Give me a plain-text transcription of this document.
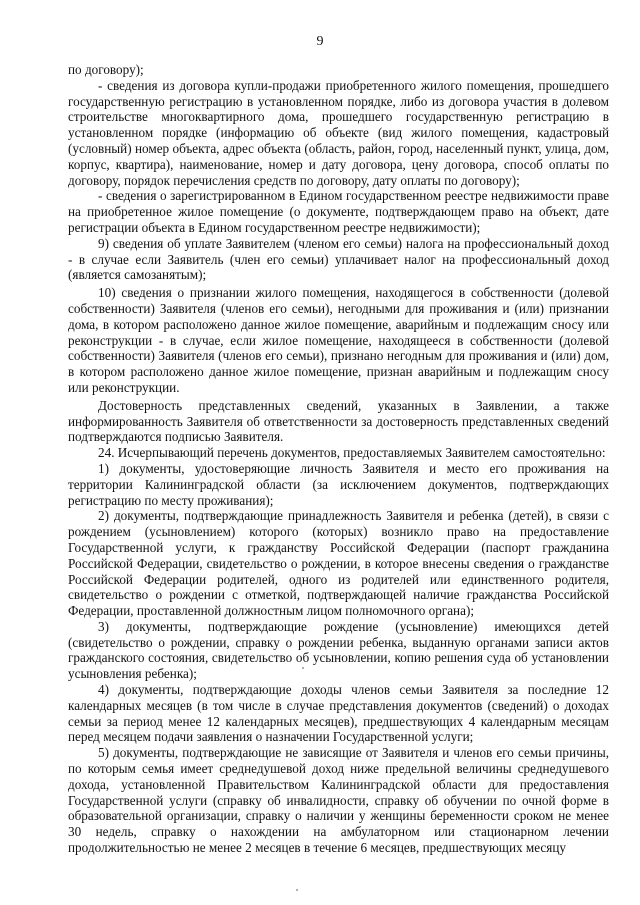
9

по договору);

- сведения из договора купли-продажи приобретенного жилого помещения, прошедшего государственную регистрацию в установленном порядке, либо из договора участия в долевом строительстве многоквартирного дома, прошедшего государственную регистрацию в установленном порядке (информацию об объекте (вид жилого помещения, кадастровый (условный) номер объекта, адрес объекта (область, район, город, населенный пункт, улица, дом, корпус, квартира), наименование, номер и дату договора, цену договора, способ оплаты по договору, порядок перечисления средств по договору, дату оплаты по договору);

- сведения о зарегистрированном в Едином государственном реестре недвижимости праве на приобретенное жилое помещение (о документе, подтверждающем право на объект, дате регистрации объекта в Едином государственном реестре недвижимости);

9) сведения об уплате Заявителем (членом его семьи) налога на профессиональный доход - в случае если Заявитель (член его семьи) уплачивает налог на профессиональный доход (является самозанятым);

10) сведения о признании жилого помещения, находящегося в собственности (долевой собственности) Заявителя (членов его семьи), негодными для проживания и (или) признании дома, в котором расположено данное жилое помещение, аварийным и подлежащим сносу или реконструкции - в случае, если жилое помещение, находящееся в собственности (долевой собственности) Заявителя (членов его семьи), признано негодным для проживания и (или) дом, в котором расположено данное жилое помещение, признан аварийным и подлежащим сносу или реконструкции.

Достоверность представленных сведений, указанных в Заявлении, а также информированность Заявителя об ответственности за достоверность представленных сведений подтверждаются подписью Заявителя.

24. Исчерпывающий перечень документов, предоставляемых Заявителем самостоятельно:

1) документы, удостоверяющие личность Заявителя и место его проживания на территории Калининградской области (за исключением документов, подтверждающих регистрацию по месту проживания);

2) документы, подтверждающие принадлежность Заявителя и ребенка (детей), в связи с рождением (усыновлением) которого (которых) возникло право на предоставление Государственной услуги, к гражданству Российской Федерации (паспорт гражданина Российской Федерации, свидетельство о рождении, в которое внесены сведения о гражданстве Российской Федерации родителей, одного из родителей или единственного родителя, свидетельство о рождении с отметкой, подтверждающей наличие гражданства Российской Федерации, проставленной должностным лицом полномочного органа);

3) документы, подтверждающие рождение (усыновление) имеющихся детей (свидетельство о рождении, справку о рождении ребенка, выданную органами записи актов гражданского состояния, свидетельство об усыновлении, копию решения суда об установлении усыновления ребенка);

4) документы, подтверждающие доходы членов семьи Заявителя за последние 12 календарных месяцев (в том числе в случае представления документов (сведений) о доходах семьи за период менее 12 календарных месяцев), предшествующих 4 календарным месяцам перед месяцем подачи заявления о назначении Государственной услуги;

5) документы, подтверждающие не зависящие от Заявителя и членов его семьи причины, по которым семья имеет среднедушевой доход ниже предельной величины среднедушевого дохода, установленной Правительством Калининградской области для предоставления Государственной услуги (справку об инвалидности, справку об обучении по очной форме в образовательной организации, справку о наличии у женщины беременности сроком не менее 30 недель, справку о нахождении на амбулаторном или стационарном лечении продолжительностью не менее 2 месяцев в течение 6 месяцев, предшествующих месяцу
